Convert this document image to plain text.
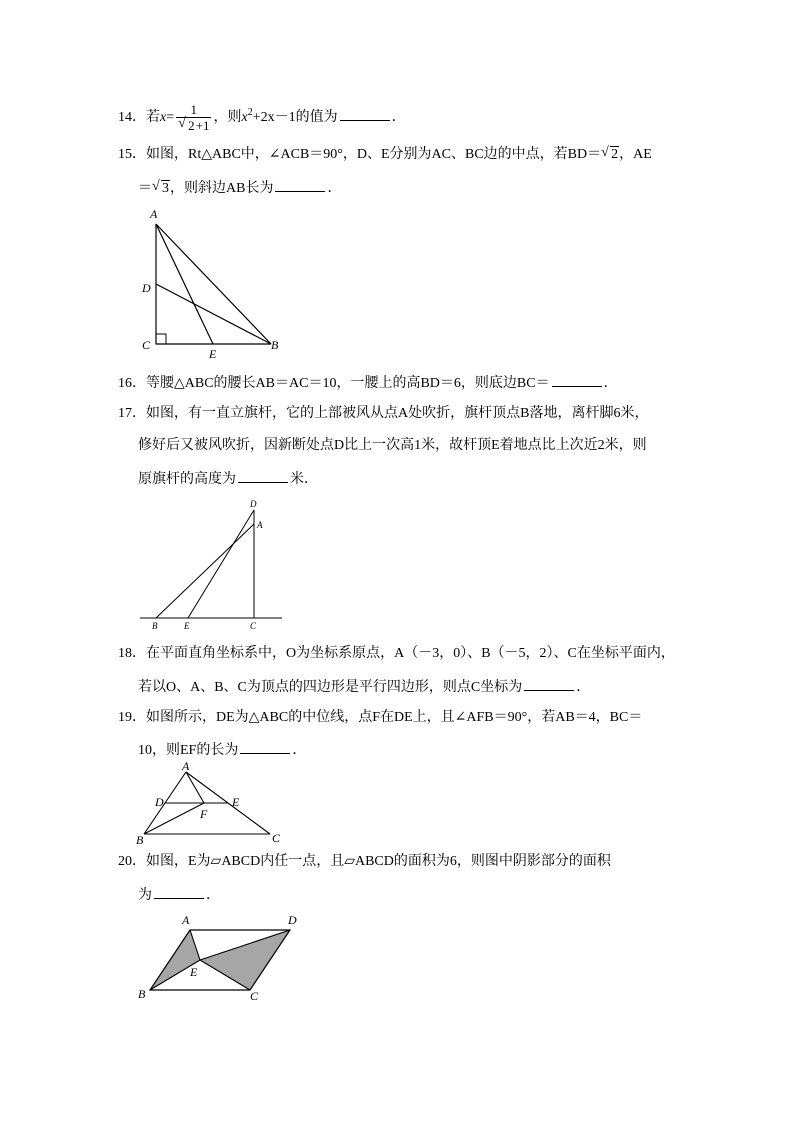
14．若$x= \frac{1}{√ 2+1}$ ，则$x^2+2x-1$的值为	．
15．如图，Rt△ABC中，∠ACB＝90°，D、E分别为AC、BC边的中点，若BD＝ √ 2，AE
＝ √ 3，则斜边AB长为	．
A
D
C
E
B
16．等腰△ABC的腰长AB＝AC＝10，一腰上的高BD＝6，则底边BC＝	．
17．如图，有一直立旗杆，它的上部被风从点A处吹折，旗杆顶点B落地，离杆脚6米，
修好后又被风吹折，因新断处点D比上一次高1米，故杆顶E着地点比上次近2米，则
原旗杆的高度为	米．
D
A
B	E	C
18．在平面直角坐标系中，O为坐标系原点，A（－3，0）、B（－5，2）、C在坐标平面内，
若以O、A、B、C为顶点的四边形是平行四边形，则点C坐标为	．
19．如图所示，DE为△ABC的中位线，点F在DE上，且∠AFB＝90°，若AB＝4，BC＝
10，则EF的长为	．
A
D	E
F
B	C
20．如图，E为▱ABCD内任一点，且▱ABCD的面积为6，则图中阴影部分的面积
为	．
A	D
E
B	C
